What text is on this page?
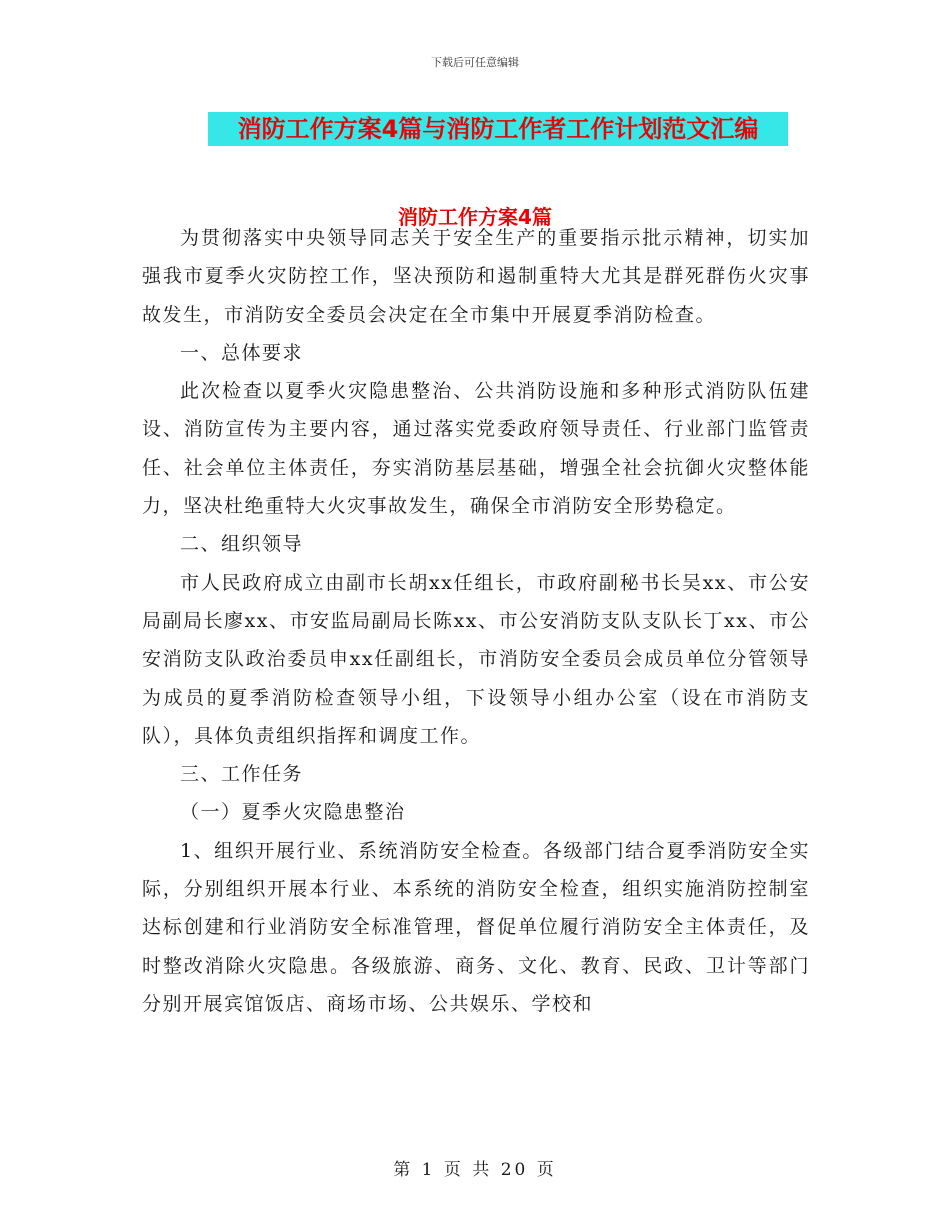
下载后可任意编辑
消防工作方案4篇与消防工作者工作计划范文汇编
消防工作方案4篇

为贯彻落实中央领导同志关于安全生产的重要指示批示精神，切实加强我市夏季火灾防控工作，坚决预防和遏制重特大尤其是群死群伤火灾事故发生，市消防安全委员会决定在全市集中开展夏季消防检查。

一、总体要求

此次检查以夏季火灾隐患整治、公共消防设施和多种形式消防队伍建设、消防宣传为主要内容，通过落实党委政府领导责任、行业部门监管责任、社会单位主体责任，夯实消防基层基础，增强全社会抗御火灾整体能力，坚决杜绝重特大火灾事故发生，确保全市消防安全形势稳定。

二、组织领导

市人民政府成立由副市长胡xx任组长，市政府副秘书长吴xx、市公安局副局长廖xx、市安监局副局长陈xx、市公安消防支队支队长丁xx、市公安消防支队政治委员申xx任副组长，市消防安全委员会成员单位分管领导为成员的夏季消防检查领导小组，下设领导小组办公室（设在市消防支队），具体负责组织指挥和调度工作。

三、工作任务

（一）夏季火灾隐患整治

1、组织开展行业、系统消防安全检查。各级部门结合夏季消防安全实际，分别组织开展本行业、本系统的消防安全检查，组织实施消防控制室达标创建和行业消防安全标准管理，督促单位履行消防安全主体责任，及时整改消除火灾隐患。各级旅游、商务、文化、教育、民政、卫计等部门分别开展宾馆饭店、商场市场、公共娱乐、学校和

第 1 页 共 20 页
